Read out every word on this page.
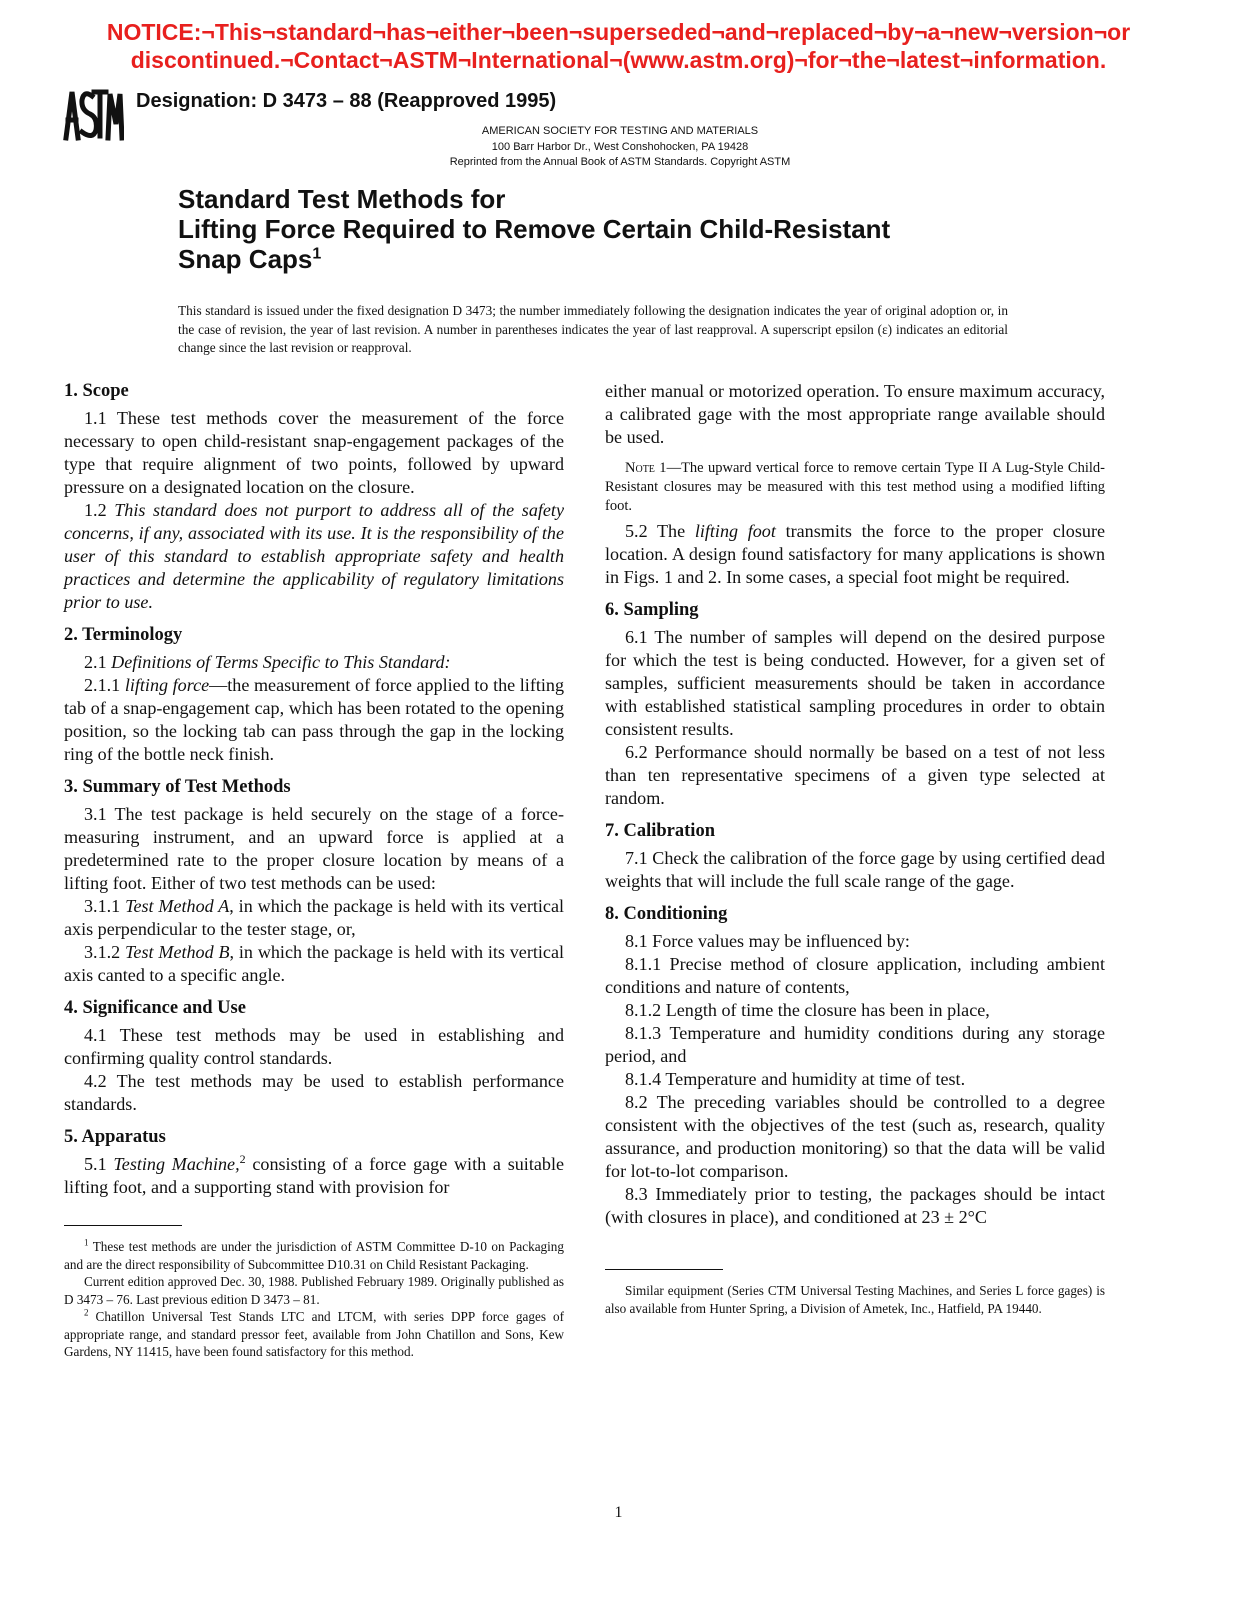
NOTICE:¬This¬standard¬has¬either¬been¬superseded¬and¬replaced¬by¬a¬new¬version¬or
discontinued.¬Contact¬ASTM¬International¬(www.astm.org)¬for¬the¬latest¬information.
Designation: D 3473 – 88 (Reapproved 1995)
AMERICAN SOCIETY FOR TESTING AND MATERIALS
100 Barr Harbor Dr., West Conshohocken, PA 19428
Reprinted from the Annual Book of ASTM Standards. Copyright ASTM
Standard Test Methods for
Lifting Force Required to Remove Certain Child-Resistant
Snap Caps$^1$
This standard is issued under the fixed designation D 3473; the number immediately following the designation indicates the year of original adoption or, in the case of revision, the year of last revision. A number in parentheses indicates the year of last reapproval. A superscript epsilon (ε) indicates an editorial change since the last revision or reapproval.
1. Scope

1.1 These test methods cover the measurement of the force necessary to open child-resistant snap-engagement packages of the type that require alignment of two points, followed by upward pressure on a designated location on the closure.

1.2 This standard does not purport to address all of the safety concerns, if any, associated with its use. It is the responsibility of the user of this standard to establish appropriate safety and health practices and determine the applicability of regulatory limitations prior to use.

2. Terminology

2.1 Definitions of Terms Specific to This Standard:

2.1.1 lifting force—the measurement of force applied to the lifting tab of a snap-engagement cap, which has been rotated to the opening position, so the locking tab can pass through the gap in the locking ring of the bottle neck finish.

3. Summary of Test Methods

3.1 The test package is held securely on the stage of a force-measuring instrument, and an upward force is applied at a predetermined rate to the proper closure location by means of a lifting foot. Either of two test methods can be used:

3.1.1 Test Method A, in which the package is held with its vertical axis perpendicular to the tester stage, or,

3.1.2 Test Method B, in which the package is held with its vertical axis canted to a specific angle.

4. Significance and Use

4.1 These test methods may be used in establishing and confirming quality control standards.

4.2 The test methods may be used to establish performance standards.

5. Apparatus

5.1 Testing Machine,$^2$ consisting of a force gage with a suitable lifting foot, and a supporting stand with provision for

$^1$ These test methods are under the jurisdiction of ASTM Committee D-10 on Packaging and are the direct responsibility of Subcommittee D10.31 on Child Resistant Packaging.

Current edition approved Dec. 30, 1988. Published February 1989. Originally published as D 3473 – 76. Last previous edition D 3473 – 81.

$^2$ Chatillon Universal Test Stands LTC and LTCM, with series DPP force gages of appropriate range, and standard pressor feet, available from John Chatillon and Sons, Kew Gardens, NY 11415, have been found satisfactory for this method.

either manual or motorized operation. To ensure maximum accuracy, a calibrated gage with the most appropriate range available should be used.

Note 1—The upward vertical force to remove certain Type II A Lug-Style Child-Resistant closures may be measured with this test method using a modified lifting foot.

5.2 The lifting foot transmits the force to the proper closure location. A design found satisfactory for many applications is shown in Figs. 1 and 2. In some cases, a special foot might be required.

6. Sampling

6.1 The number of samples will depend on the desired purpose for which the test is being conducted. However, for a given set of samples, sufficient measurements should be taken in accordance with established statistical sampling procedures in order to obtain consistent results.

6.2 Performance should normally be based on a test of not less than ten representative specimens of a given type selected at random.

7. Calibration

7.1 Check the calibration of the force gage by using certified dead weights that will include the full scale range of the gage.

8. Conditioning

8.1 Force values may be influenced by:

8.1.1 Precise method of closure application, including ambient conditions and nature of contents,

8.1.2 Length of time the closure has been in place,

8.1.3 Temperature and humidity conditions during any storage period, and

8.1.4 Temperature and humidity at time of test.

8.2 The preceding variables should be controlled to a degree consistent with the objectives of the test (such as, research, quality assurance, and production monitoring) so that the data will be valid for lot-to-lot comparison.

8.3 Immediately prior to testing, the packages should be intact (with closures in place), and conditioned at 23 ± 2°C

Similar equipment (Series CTM Universal Testing Machines, and Series L force gages) is also available from Hunter Spring, a Division of Ametek, Inc., Hatfield, PA 19440.

1
